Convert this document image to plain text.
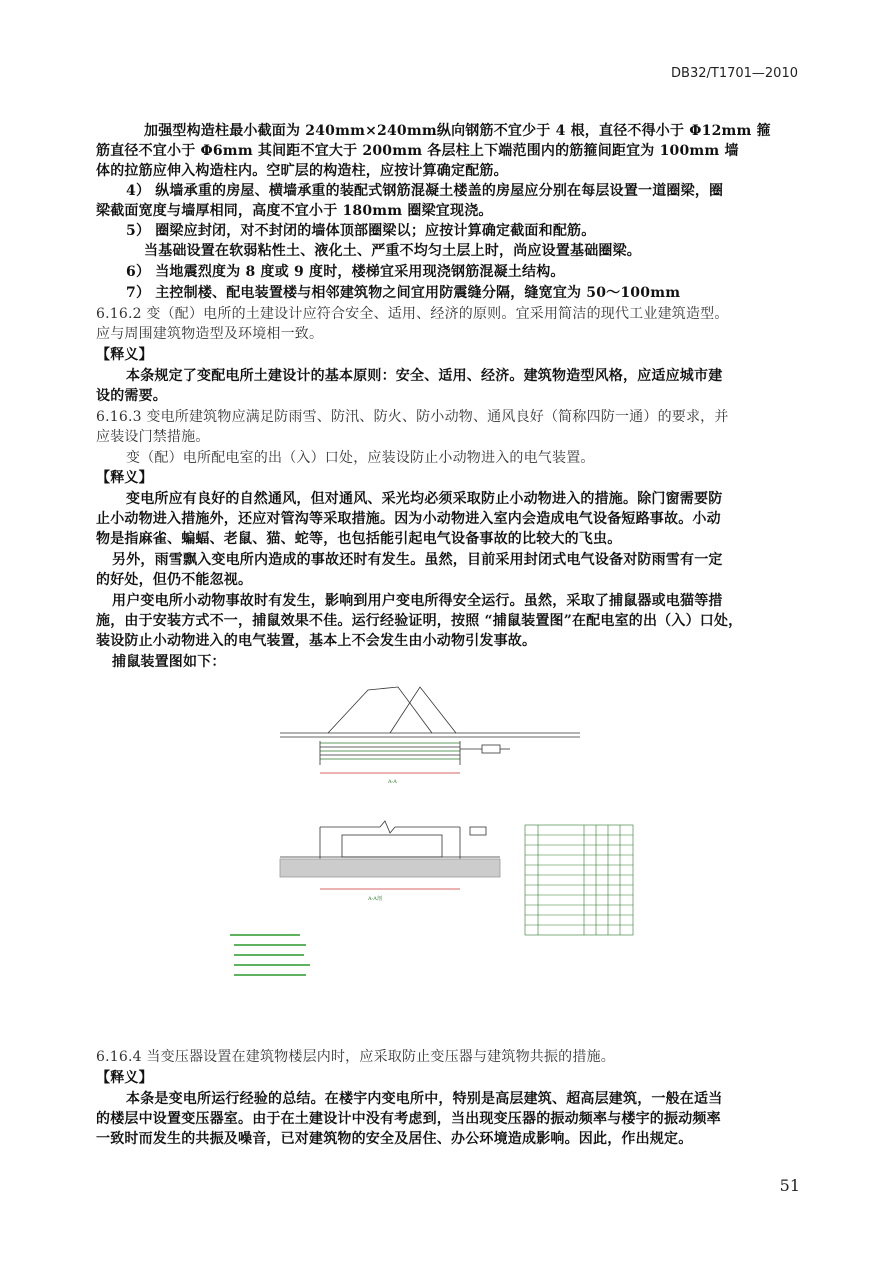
DB32/T1701—2010
加强型构造柱最小截面为 240mm×240mm纵向钢筋不宜少于 4 根，直径不得小于 Φ12mm 箍
筋直径不宜小于 Φ6mm 其间距不宜大于 200mm 各层柱上下端范围内的筋箍间距宜为 100mm 墙
体的拉筋应伸入构造柱内。空旷层的构造柱，应按计算确定配筋。
4） 纵墙承重的房屋、横墙承重的装配式钢筋混凝土楼盖的房屋应分别在每层设置一道圈梁，圈
梁截面宽度与墙厚相同，高度不宜小于 180mm 圈梁宜现浇。
5） 圈梁应封闭，对不封闭的墙体顶部圈梁以；应按计算确定截面和配筋。
当基础设置在软弱粘性土、液化土、严重不均匀土层上时，尚应设置基础圈梁。
6） 当地震烈度为 8 度或 9 度时，楼梯宜采用现浇钢筋混凝土结构。
7） 主控制楼、配电装置楼与相邻建筑物之间宜用防震缝分隔，缝宽宜为 50～100mm
6.16.2 变（配）电所的土建设计应符合安全、适用、经济的原则。宜采用简洁的现代工业建筑造型。
应与周围建筑物造型及环境相一致。
【释义】
本条规定了变配电所土建设计的基本原则：安全、适用、经济。建筑物造型风格，应适应城市建
设的需要。
6.16.3 变电所建筑物应满足防雨雪、防汛、防火、防小动物、通风良好（简称四防一通）的要求，并
应装设门禁措施。
变（配）电所配电室的出（入）口处，应装设防止小动物进入的电气装置。
【释义】
变电所应有良好的自然通风，但对通风、采光均必须采取防止小动物进入的措施。除门窗需要防
止小动物进入措施外，还应对管沟等采取措施。因为小动物进入室内会造成电气设备短路事故。小动
物是指麻雀、蝙蝠、老鼠、猫、蛇等，也包括能引起电气设备事故的比较大的飞虫。
另外，雨雪飘入变电所内造成的事故还时有发生。虽然，目前采用封闭式电气设备对防雨雪有一定
的好处，但仍不能忽视。
用户变电所小动物事故时有发生，影响到用户变电所得安全运行。虽然，采取了捕鼠器或电猫等措
施，由于安装方式不一，捕鼠效果不佳。运行经验证明，按照 “捕鼠装置图”在配电室的出（入）口处，
装设防止小动物进入的电气装置，基本上不会发生由小动物引发事故。
捕鼠装置图如下：
A-A
A-A剖
6.16.4 当变压器设置在建筑物楼层内时，应采取防止变压器与建筑物共振的措施。
【释义】
本条是变电所运行经验的总结。在楼宇内变电所中，特别是高层建筑、超高层建筑，一般在适当
的楼层中设置变压器室。由于在土建设计中没有考虑到，当出现变压器的振动频率与楼宇的振动频率
一致时而发生的共振及噪音，已对建筑物的安全及居住、办公环境造成影响。因此，作出规定。
51
